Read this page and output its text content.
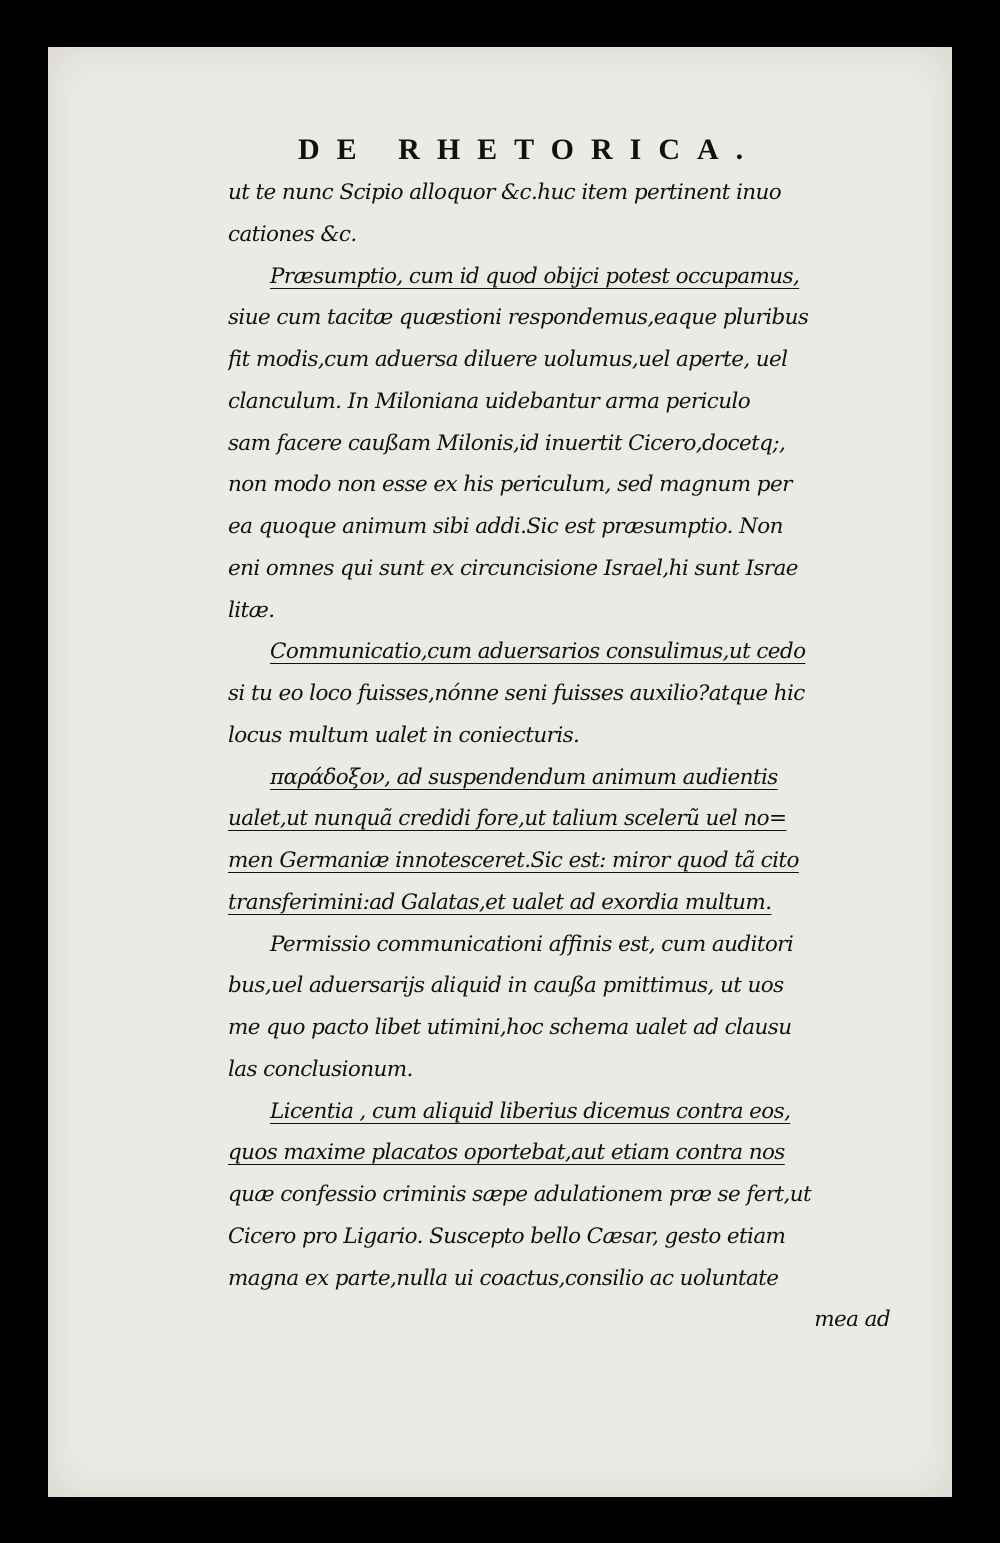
DE RHETORICA.
ut te nunc Scipio alloquor &c.huc item pertinent inuo
cationes &c.
Præsumptio, cum id quod obijci potest occupamus,
siue cum tacitæ quæstioni respondemus,eaque pluribus
fit modis,cum aduersa diluere uolumus,uel aperte, uel
clanculum. In Miloniana uidebantur arma periculo
sam facere caußam Milonis,id inuertit Cicero,docetq;,
non modo non esse ex his periculum, sed magnum per
ea quoque animum sibi addi.Sic est præsumptio. Non
eni omnes qui sunt ex circuncisione Israel,hi sunt Israe
litæ.
Communicatio,cum aduersarios consulimus,ut cedo
si tu eo loco fuisses,nónne seni fuisses auxilio?atque hic
locus multum ualet in coniecturis.
παράδοξον, ad suspendendum animum audientis
ualet,ut nunquã credidi fore,ut talium scelerũ uel no=
men Germaniæ innotesceret.Sic est: miror quod tã cito
transferimini:ad Galatas,et ualet ad exordia multum.
Permissio communicationi affinis est, cum auditori
bus,uel aduersarijs aliquid in caußa pmittimus, ut uos
me quo pacto libet utimini,hoc schema ualet ad clausu
las conclusionum.
Licentia , cum aliquid liberius dicemus contra eos,
quos maxime placatos oportebat,aut etiam contra nos
quæ confessio criminis sæpe adulationem præ se fert,ut
Cicero pro Ligario. Suscepto bello Cæsar, gesto etiam
magna ex parte,nulla ui coactus,consilio ac uoluntate
mea ad
